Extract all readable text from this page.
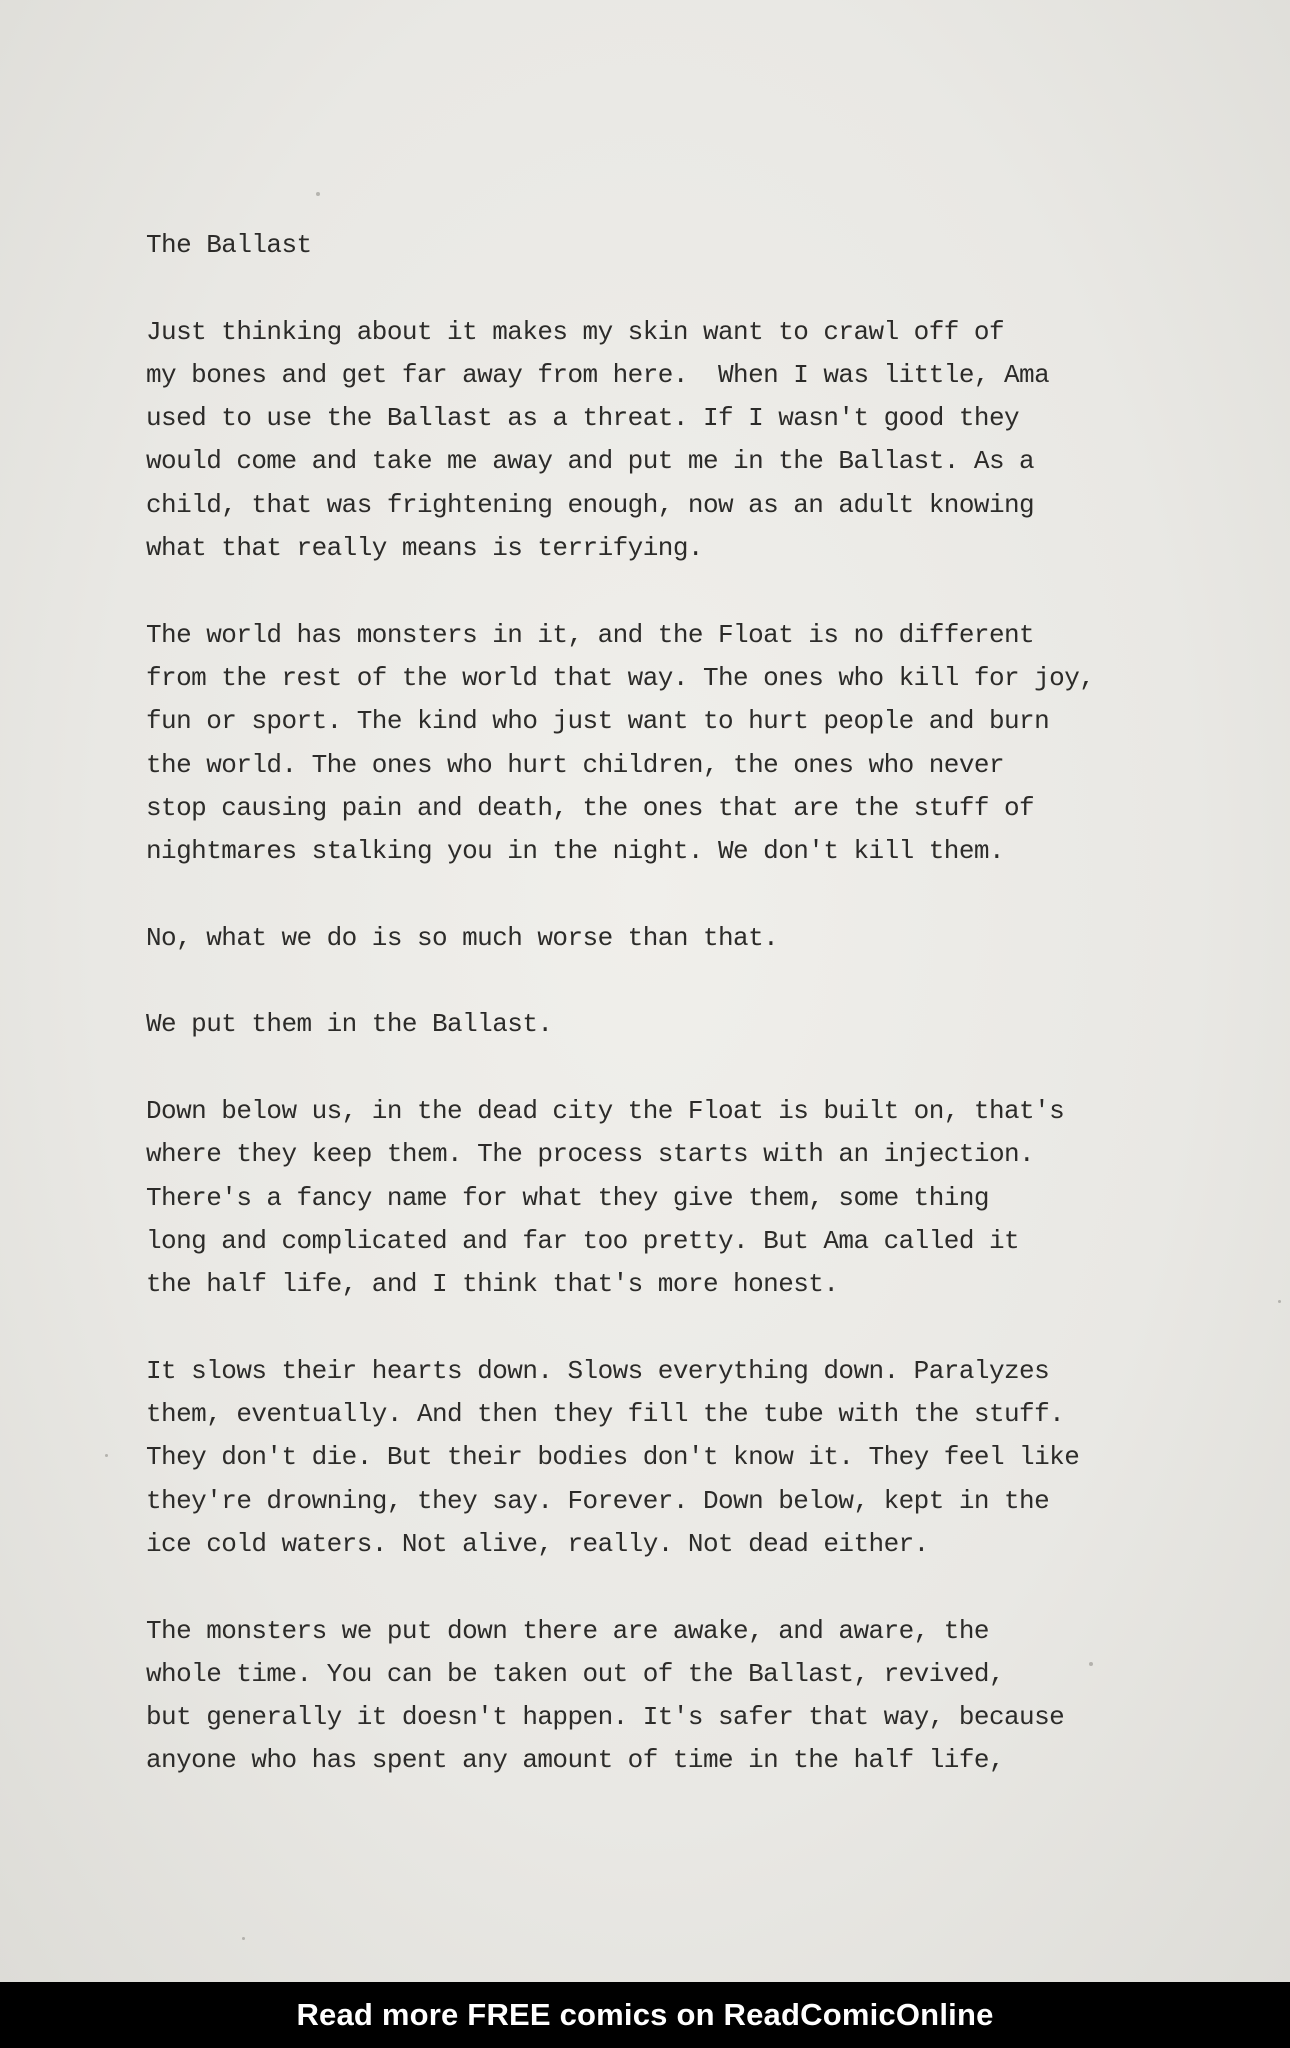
The Ballast
Just thinking about it makes my skin want to crawl off of
my bones and get far away from here.  When I was little, Ama
used to use the Ballast as a threat. If I wasn't good they
would come and take me away and put me in the Ballast. As a
child, that was frightening enough, now as an adult knowing
what that really means is terrifying.
The world has monsters in it, and the Float is no different
from the rest of the world that way. The ones who kill for joy,
fun or sport. The kind who just want to hurt people and burn
the world. The ones who hurt children, the ones who never
stop causing pain and death, the ones that are the stuff of
nightmares stalking you in the night. We don't kill them.
No, what we do is so much worse than that.
We put them in the Ballast.
Down below us, in the dead city the Float is built on, that's
where they keep them. The process starts with an injection.
There's a fancy name for what they give them, some thing
long and complicated and far too pretty. But Ama called it
the half life, and I think that's more honest.
It slows their hearts down. Slows everything down. Paralyzes
them, eventually. And then they fill the tube with the stuff.
They don't die. But their bodies don't know it. They feel like
they're drowning, they say. Forever. Down below, kept in the
ice cold waters. Not alive, really. Not dead either.
The monsters we put down there are awake, and aware, the
whole time. You can be taken out of the Ballast, revived,
but generally it doesn't happen. It's safer that way, because
anyone who has spent any amount of time in the half life,
Read more FREE comics on ReadComicOnline
